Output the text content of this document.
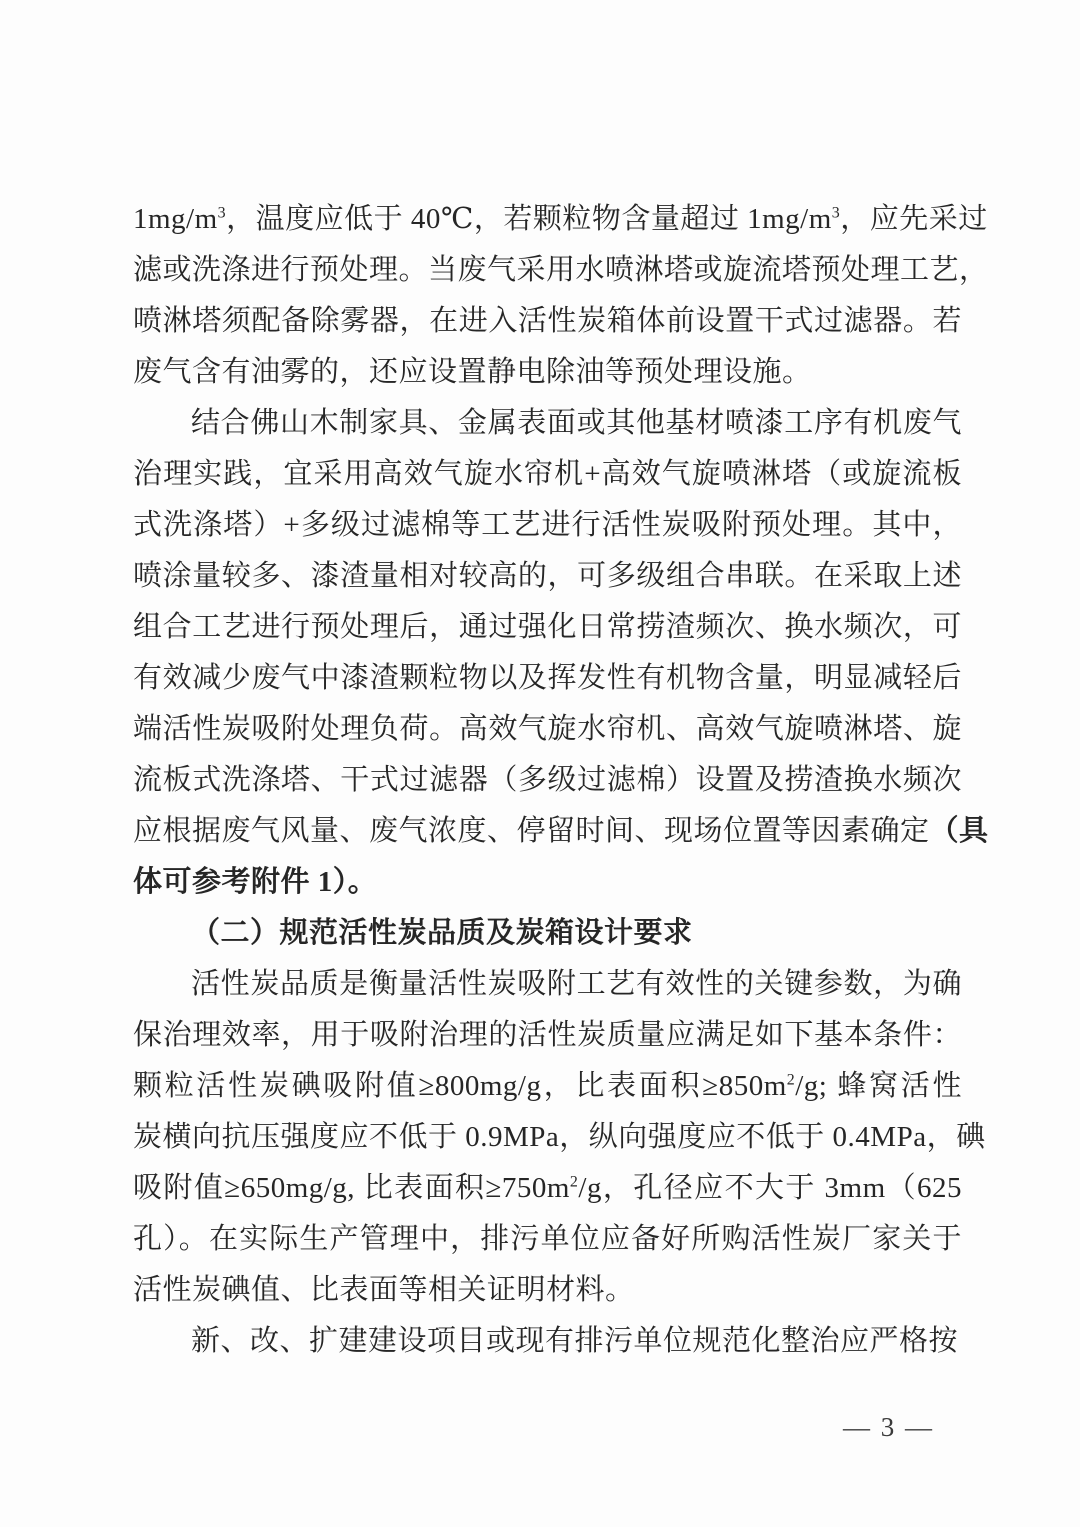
$1mg/m^3$，温度应低于 40℃，若颗粒物含量超过 $1mg/m^3$，应先采过
滤或洗涤进行预处理。当废气采用水喷淋塔或旋流塔预处理工艺，
喷淋塔须配备除雾器，在进入活性炭箱体前设置干式过滤器。若
废气含有油雾的，还应设置静电除油等预处理设施。
结合佛山木制家具、金属表面或其他基材喷漆工序有机废气
治理实践，宜采用高效气旋水帘机+高效气旋喷淋塔（或旋流板
式洗涤塔）+多级过滤棉等工艺进行活性炭吸附预处理。其中，
喷涂量较多、漆渣量相对较高的，可多级组合串联。在采取上述
组合工艺进行预处理后，通过强化日常捞渣频次、换水频次，可
有效减少废气中漆渣颗粒物以及挥发性有机物含量，明显减轻后
端活性炭吸附处理负荷。高效气旋水帘机、高效气旋喷淋塔、旋
流板式洗涤塔、干式过滤器（多级过滤棉）设置及捞渣换水频次
应根据废气风量、废气浓度、停留时间、现场位置等因素确定（具
体可参考附件 1）。
（二）规范活性炭品质及炭箱设计要求
活性炭品质是衡量活性炭吸附工艺有效性的关键参数，为确
保治理效率，用于吸附治理的活性炭质量应满足如下基本条件：
颗粒活性炭碘吸附值≥800mg/g，比表面积$\ge 850m^2/g$; 蜂窝活性
炭横向抗压强度应不低于 0.9MPa，纵向强度应不低于 0.4MPa，碘
吸附值≥650mg/g, 比表面积$\ge 750m^2/g$，孔径应不大于 3mm（625
孔）。在实际生产管理中，排污单位应备好所购活性炭厂家关于
活性炭碘值、比表面等相关证明材料。
新、改、扩建建设项目或现有排污单位规范化整治应严格按
— 3 —
